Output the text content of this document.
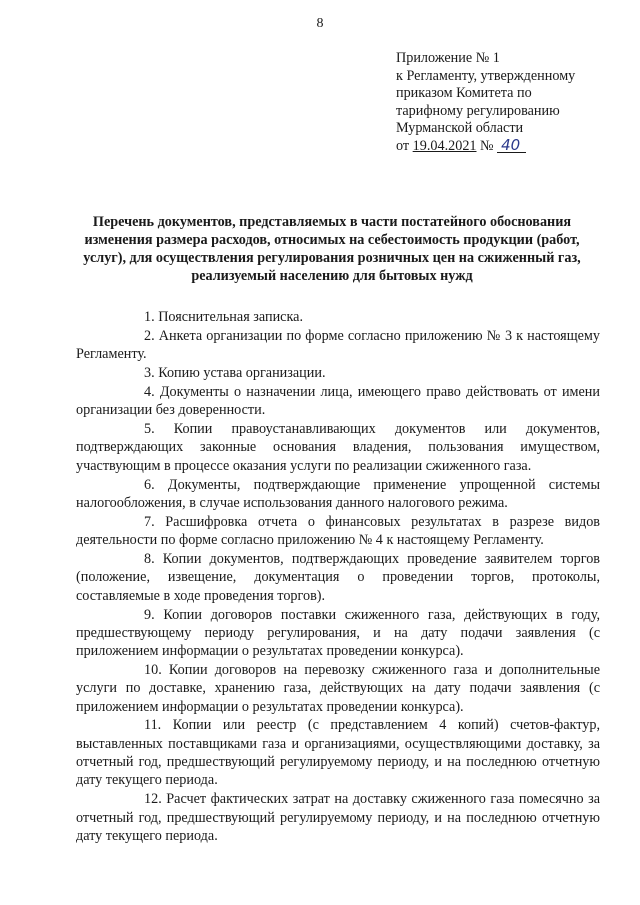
8
Приложение № 1
к Регламенту, утвержденному
приказом Комитета по
тарифному регулированию
Мурманской области
от 19.04.2021 № 40
Перечень документов, представляемых в части постатейного обоснования изменения размера расходов, относимых на себестоимость продукции (работ, услуг), для осуществления регулирования розничных цен на сжиженный газ, реализуемый населению для бытовых нужд
1. Пояснительная записка.
2. Анкета организации по форме согласно приложению № 3 к настоящему Регламенту.
3. Копию устава организации.
4. Документы о назначении лица, имеющего право действовать от имени организации без доверенности.
5. Копии правоустанавливающих документов или документов, подтверждающих законные основания владения, пользования имуществом, участвующим в процессе оказания услуги по реализации сжиженного газа.
6. Документы, подтверждающие применение упрощенной системы налогообложения, в случае использования данного налогового режима.
7. Расшифровка отчета о финансовых результатах в разрезе видов деятельности по форме согласно приложению № 4 к настоящему Регламенту.
8. Копии документов, подтверждающих проведение заявителем торгов (положение, извещение, документация о проведении торгов, протоколы, составляемые в ходе проведения торгов).
9. Копии договоров поставки сжиженного газа, действующих в году, предшествующему периоду регулирования, и на дату подачи заявления (с приложением информации о результатах проведении конкурса).
10. Копии договоров на перевозку сжиженного газа и дополнительные услуги по доставке, хранению газа, действующих на дату подачи заявления (с приложением информации о результатах проведении конкурса).
11. Копии или реестр (с представлением 4 копий) счетов-фактур, выставленных поставщиками газа и организациями, осуществляющими доставку, за отчетный год, предшествующий регулируемому периоду, и на последнюю отчетную дату текущего периода.
12. Расчет фактических затрат на доставку сжиженного газа помесячно за отчетный год, предшествующий регулируемому периоду, и на последнюю отчетную дату текущего периода.
